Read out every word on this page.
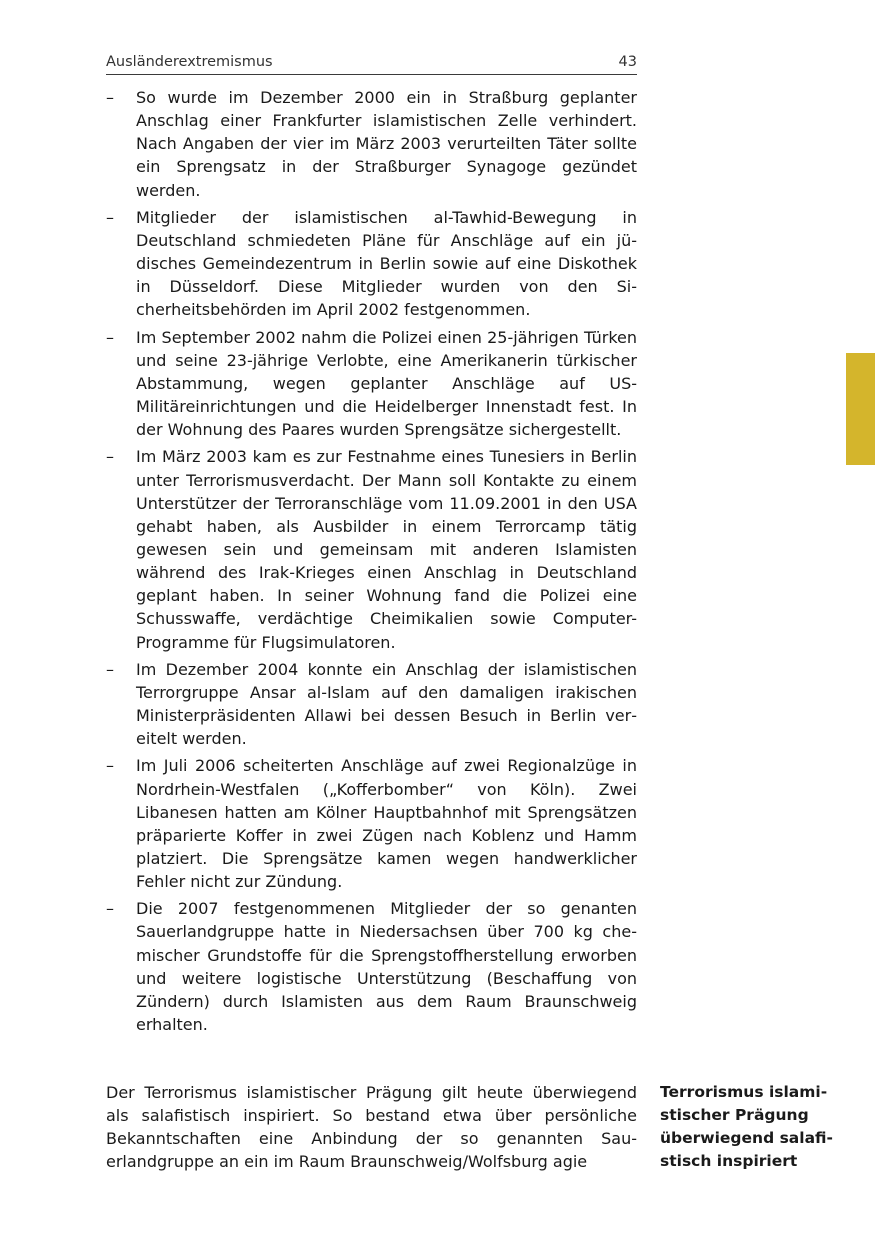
Ausländerextremismus	43
– So wurde im Dezember 2000 ein in Straßburg geplanter Anschlag einer Frankfurter islamistischen Zelle verhindert. Nach Angaben der vier im März 2003 verurteilten Täter sollte ein Sprengsatz in der Straßburger Synagoge gezündet werden.
– Mitglieder der islamistischen al-Tawhid-Bewegung in Deutschland schmiedeten Pläne für Anschläge auf ein jüdisches Gemeindezentrum in Berlin sowie auf eine Diskothek in Düsseldorf. Diese Mitglieder wurden von den Sicherheitsbehörden im April 2002 festgenommen.
– Im September 2002 nahm die Polizei einen 25-jährigen Türken und seine 23-jährige Verlobte, eine Amerikanerin türkischer Abstammung, wegen geplanter Anschläge auf US-Militäreinrichtungen und die Heidelberger Innenstadt fest. In der Wohnung des Paares wurden Sprengsätze sichergestellt.
– Im März 2003 kam es zur Festnahme eines Tunesiers in Berlin unter Terrorismusverdacht. Der Mann soll Kontakte zu einem Unterstützer der Terroranschläge vom 11.09.2001 in den USA gehabt haben, als Ausbilder in einem Terrorcamp tätig gewesen sein und gemeinsam mit anderen Islamisten während des Irak-Krieges einen Anschlag in Deutschland geplant haben. In seiner Wohnung fand die Polizei eine Schusswaffe, verdächtige Cheimikalien sowie Computer-Programme für Flugsimulatoren.
– Im Dezember 2004 konnte ein Anschlag der islamistischen Terrorgruppe Ansar al-Islam auf den damaligen irakischen Ministerpräsidenten Allawi bei dessen Besuch in Berlin vereitelt werden.
– Im Juli 2006 scheiterten Anschläge auf zwei Regionalzüge in Nordrhein-Westfalen („Kofferbomber“ von Köln). Zwei Libanesen hatten am Kölner Hauptbahnhof mit Sprengsätzen präparierte Koffer in zwei Zügen nach Koblenz und Hamm platziert. Die Sprengsätze kamen wegen handwerklicher Fehler nicht zur Zündung.
– Die 2007 festgenommenen Mitglieder der so genanten Sauerlandgruppe hatte in Niedersachsen über 700 kg chemischer Grundstoffe für die Sprengstoffherstellung erworben und weitere logistische Unterstützung (Beschaffung von Zündern) durch Islamisten aus dem Raum Braunschweig erhalten.
Der Terrorismus islamistischer Prägung gilt heute überwiegend als salafistisch inspiriert. So bestand etwa über persönliche Bekanntschaften eine Anbindung der so genannten Sauerlandgruppe an ein im Raum Braunschweig/Wolfsburg agie
Terrorismus islamistischer Prägung überwiegend salafistisch inspiriert
